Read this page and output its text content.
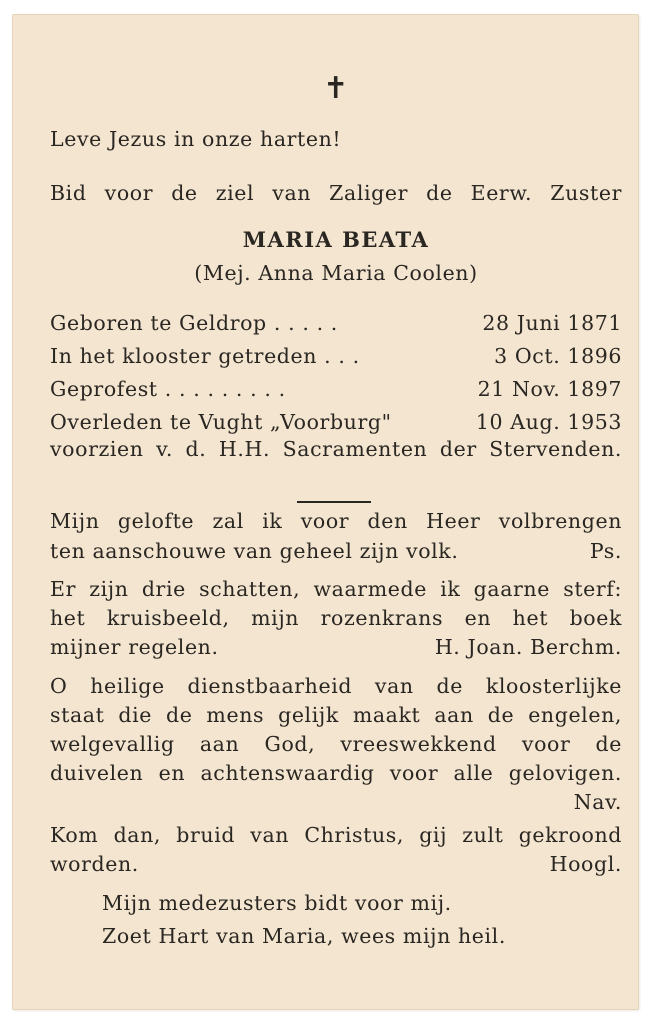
✝
Leve Jezus in onze harten!
Bid voor de ziel van Zaliger de Eerw. Zuster
MARIA BEATA
(Mej. Anna Maria Coolen)
Geboren te Geldrop . . . . .	28 Juni 1871
In het klooster getreden . . .	3 Oct. 1896
Geprofest . . . . . . . . .	21 Nov. 1897
Overleden te Vught „Voorburg"	10 Aug. 1953
voorzien v. d. H.H. Sacramenten der Stervenden.
Mijn gelofte zal ik voor den Heer volbrengen
ten aanschouwe van geheel zijn volk.	Ps.
Er zijn drie schatten, waarmede ik gaarne sterf:
het kruisbeeld, mijn rozenkrans en het boek
mijner regelen.	H. Joan. Berchm.
O heilige dienstbaarheid van de kloosterlijke
staat die de mens gelijk maakt aan de engelen,
welgevallig aan God, vreeswekkend voor de
duivelen en achtenswaardig voor alle gelovigen.
Nav.
Kom dan, bruid van Christus, gij zult gekroond
worden.	Hoogl.
Mijn medezusters bidt voor mij.
Zoet Hart van Maria, wees mijn heil.
